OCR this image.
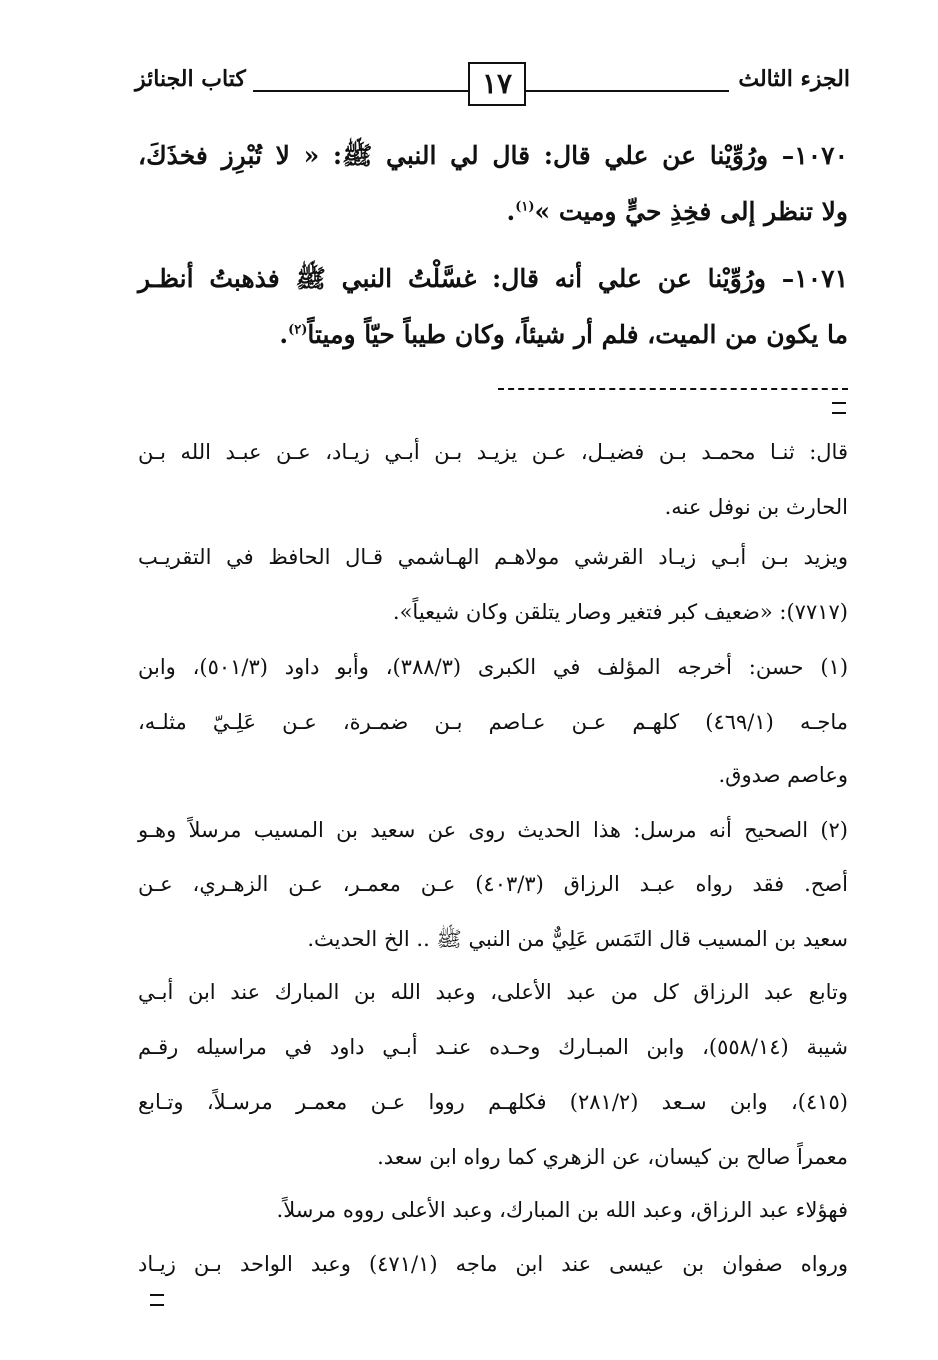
كتاب الجنائز	١٧	الجزء الثالث
١٠٧٠– ورُوِّيْنا عن علي قال: قال لي النبي ﷺ: « لا تُبْرِز فخذَكَ،
ولا تنظر إلى فخِذِ حيٍّ وميت »$^{(١)}$.
١٠٧١– ورُوِّيْنا عن علي أنه قال: غسَّلْتُ النبي ﷺ فذهبتُ أنظـر
ما يكون من الميت، فلم أر شيئاً، وكان طيباً حيّاً وميتاً$^{(٢)}$.
قال: ثنـا محمـد بـن فضيـل، عـن يزيـد بـن أبـي زيـاد، عـن عبـد الله بـن
الحارث بن نوفل عنه.
ويزيد بـن أبـي زيـاد القرشي مولاهـم الهـاشمي قـال الحافظ في التقريـب
(٧٧١٧): «ضعيف كبر فتغير وصار يتلقن وكان شيعياً».
(١) حسن: أخرجه المؤلف في الكبرى (٣٨٨/٣)، وأبو داود (٥٠١/٣)، وابن
ماجـه (٤٦٩/١) كلهـم عـن عـاصم بـن ضمـرة، عـن عَلِـيّ مثلـه،
وعاصم صدوق.
(٢) الصحيح أنه مرسل: هذا الحديث روى عن سعيد بن المسيب مرسلاً وهـو
أصح. فقد رواه عبـد الرزاق (٤٠٣/٣) عـن معمـر، عـن الزهـري، عـن
سعيد بن المسيب قال التَمَس عَلِيٌّ من النبي ﷺ .. الخ الحديث.
وتابع عبد الرزاق كل من عبد الأعلى، وعبد الله بن المبارك عند ابن أبـي
شيبة (٥٥٨/١٤)، وابن المبـارك وحـده عنـد أبـي داود في مراسيله رقـم
(٤١٥)، وابن سـعد (٢٨١/٢) فكلهـم رووا عـن معمـر مرسـلاً، وتـابع
معمراً صالح بن كيسان، عن الزهري كما رواه ابن سعد.
فهؤلاء عبد الرزاق، وعبد الله بن المبارك، وعبد الأعلى رووه مرسلاً.
ورواه صفوان بن عيسى عند ابن ماجه (٤٧١/١) وعبد الواحد بـن زيـاد
